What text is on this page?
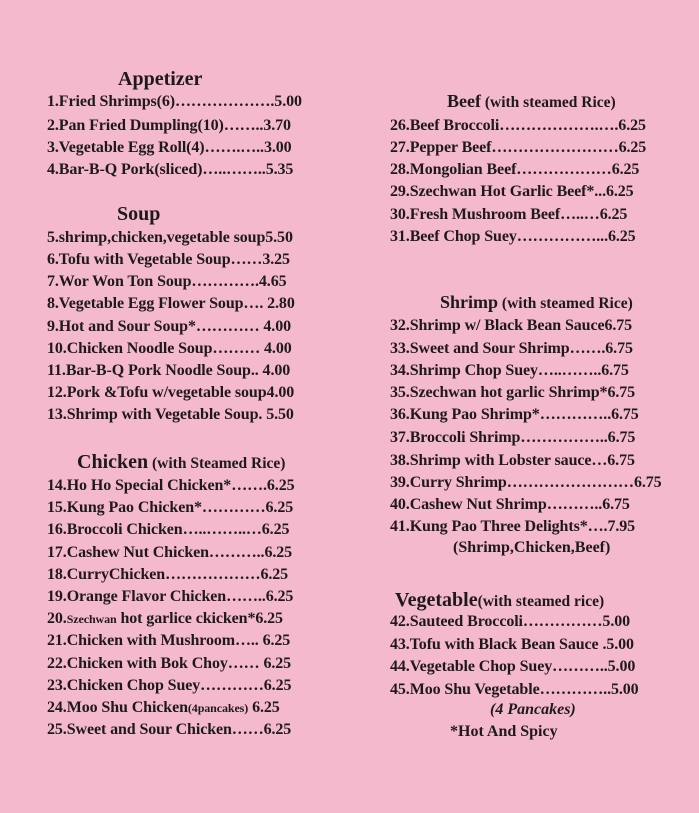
Appetizer
1.Fried Shrimps(6)……………….5.00
2.Pan Fried Dumpling(10)……..3.70
3.Vegetable Egg Roll(4)…….…..3.00
4.Bar-B-Q Pork(sliced)…..……..5.35
Soup
5.shrimp,chicken,vegetable soup5.50
6.Tofu with Vegetable Soup……3.25
7.Wor Won Ton Soup………….4.65
8.Vegetable Egg Flower Soup…. 2.80
9.Hot and Sour Soup*………… 4.00
10.Chicken Noodle Soup……… 4.00
11.Bar-B-Q Pork Noodle Soup.. 4.00
12.Pork &Tofu w/vegetable soup4.00
13.Shrimp with Vegetable Soup. 5.50
Chicken (with Steamed Rice)
14.Ho Ho Special Chicken*…….6.25
15.Kung Pao Chicken*…………6.25
16.Broccoli Chicken…..……..…6.25
17.Cashew Nut Chicken………..6.25
18.CurryChicken………………6.25
19.Orange Flavor Chicken……..6.25
20.Szechwan hot garlice ckicken*6.25
21.Chicken with Mushroom….. 6.25
22.Chicken with Bok Choy…… 6.25
23.Chicken Chop Suey…………6.25
24.Moo Shu Chicken(4pancakes) 6.25
25.Sweet and Sour Chicken……6.25
Beef (with steamed Rice)
26.Beef Broccoli……………….….6.25
27.Pepper Beef……………………6.25
28.Mongolian Beef………………6.25
29.Szechwan Hot Garlic Beef*...6.25
30.Fresh Mushroom Beef…..…6.25
31.Beef Chop Suey……………...6.25
Shrimp (with steamed Rice)
32.Shrimp w/ Black Bean Sauce6.75
33.Sweet and Sour Shrimp…….6.75
34.Shrimp Chop Suey…..……..6.75
35.Szechwan hot garlic Shrimp*6.75
36.Kung Pao Shrimp*…………..6.75
37.Broccoli Shrimp……………..6.75
38.Shrimp with Lobster sauce…6.75
39.Curry Shrimp……………………6.75
40.Cashew Nut Shrimp………..6.75
41.Kung Pao Three Delights*….7.95
(Shrimp,Chicken,Beef)
Vegetable(with steamed rice)
42.Sauteed Broccoli……………5.00
43.Tofu with Black Bean Sauce .5.00
44.Vegetable Chop Suey………..5.00
45.Moo Shu Vegetable…………..5.00
(4 Pancakes)
*Hot And Spicy
